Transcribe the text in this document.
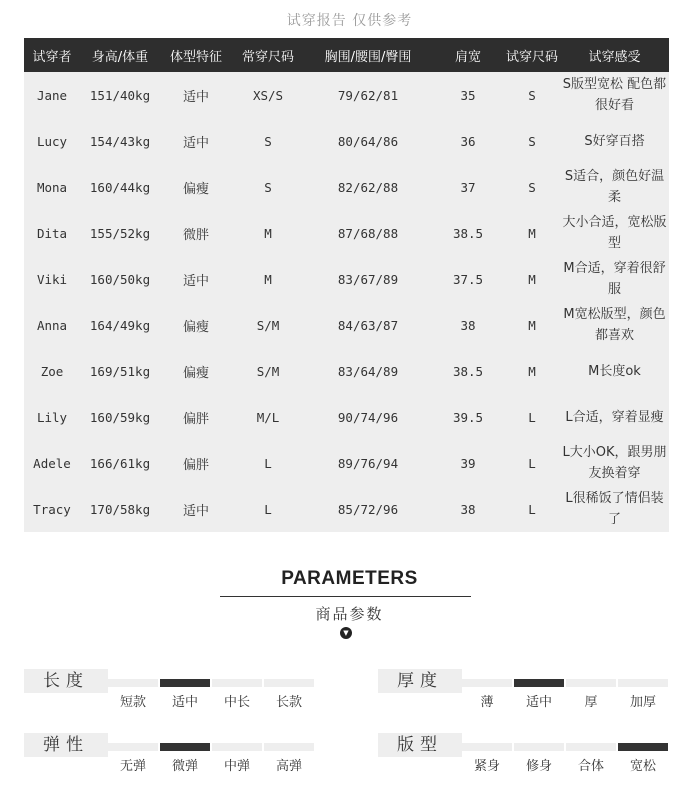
试穿报告 仅供参考
试穿者	身高/体重	体型特征	常穿尺码	胸围/腰围/臀围	肩宽	试穿尺码	试穿感受
Jane	151/40kg	适中	XS/S	79/62/81	35	S	S版型宽松 配色都很好看
Lucy	154/43kg	适中	S	80/64/86	36	S	S好穿百搭
Mona	160/44kg	偏瘦	S	82/62/88	37	S	S适合，颜色好温柔
Dita	155/52kg	微胖	M	87/68/88	38.5	M	大小合适，宽松版型
Viki	160/50kg	适中	M	83/67/89	37.5	M	M合适，穿着很舒服
Anna	164/49kg	偏瘦	S/M	84/63/87	38	M	M宽松版型，颜色都喜欢
Zoe	169/51kg	偏瘦	S/M	83/64/89	38.5	M	M长度ok
Lily	160/59kg	偏胖	M/L	90/74/96	39.5	L	L合适，穿着显瘦
Adele	166/61kg	偏胖	L	89/76/94	39	L	L大小OK，跟男朋友换着穿
Tracy	170/58kg	适中	L	85/72/96	38	L	L很稀饭了情侣装了
PARAMETERS
商品参数
▼
长度
短款	适中	中长	长款
厚度
薄	适中	厚	加厚
弹性
无弹	微弹	中弹	高弹
版型
紧身	修身	合体	宽松
